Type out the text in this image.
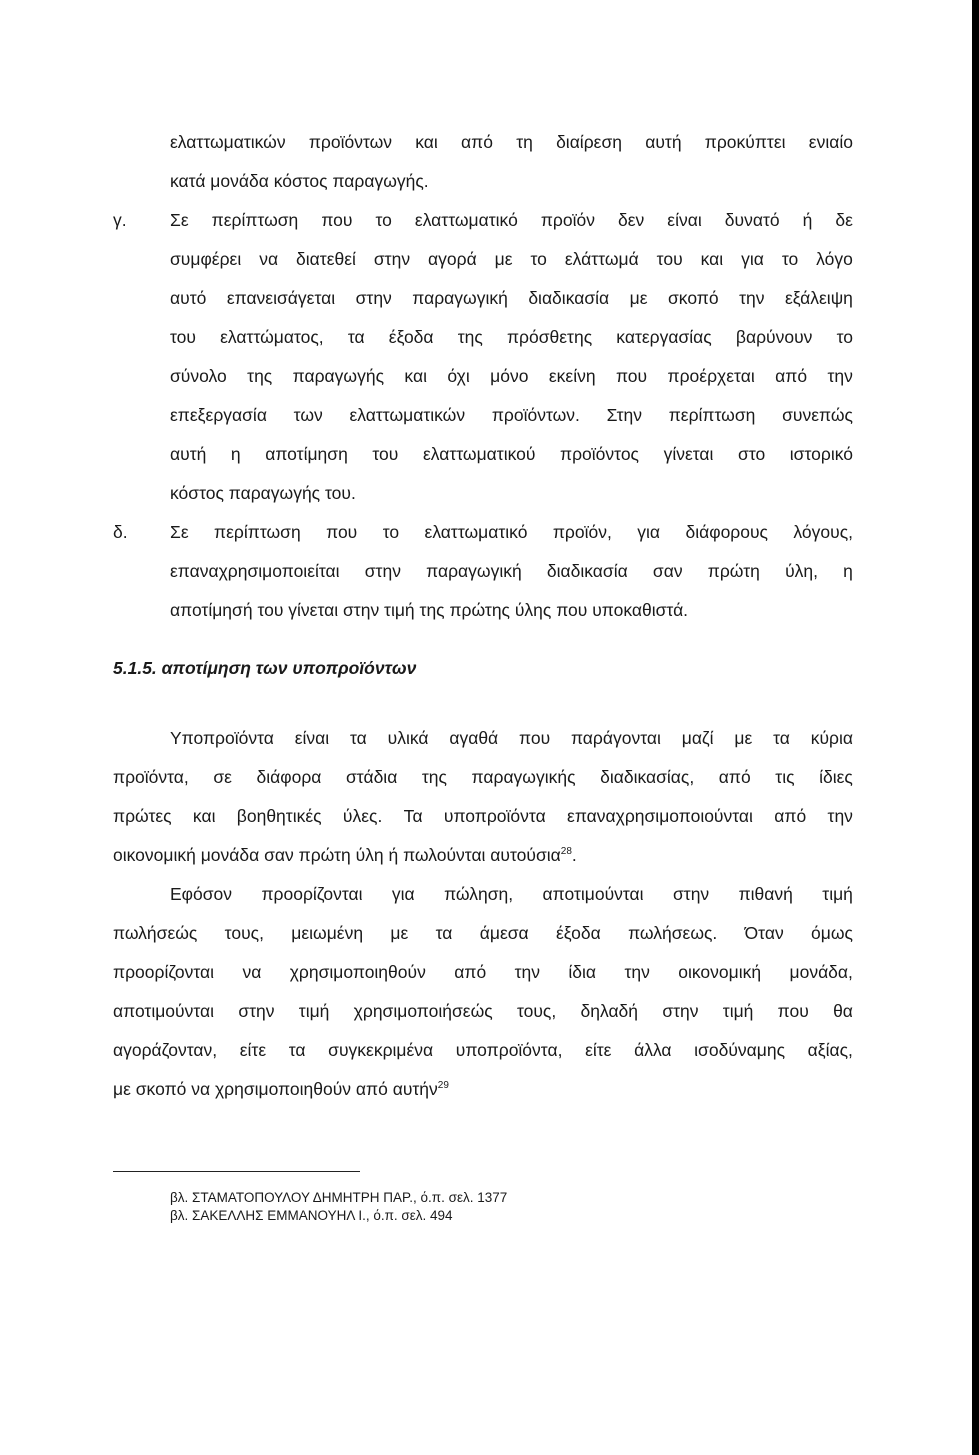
ελαττωματικών προϊόντων και από τη διαίρεση αυτή προκύπτει ενιαίο
κατά μονάδα κόστος παραγωγής.
γ. Σε περίπτωση που το ελαττωματικό προϊόν δεν είναι δυνατό ή δε
συμφέρει να διατεθεί στην αγορά με το ελάττωμά του και για το λόγο
αυτό επανεισάγεται στην παραγωγική διαδικασία με σκοπό την εξάλειψη
του ελαττώματος, τα έξοδα της πρόσθετης κατεργασίας βαρύνουν το
σύνολο της παραγωγής και όχι μόνο εκείνη που προέρχεται από την
επεξεργασία των ελαττωματικών προϊόντων. Στην περίπτωση συνεπώς
αυτή η αποτίμηση του ελαττωματικού προϊόντος γίνεται στο ιστορικό
κόστος παραγωγής του.
δ. Σε περίπτωση που το ελαττωματικό προϊόν, για διάφορους λόγους,
επαναχρησιμοποιείται στην παραγωγική διαδικασία σαν πρώτη ύλη, η
αποτίμησή του γίνεται στην τιμή της πρώτης ύλης που υποκαθιστά.
5.1.5. αποτίμηση των υποπροϊόντων
Υποπροϊόντα είναι τα υλικά αγαθά που παράγονται μαζί με τα κύρια
προϊόντα, σε διάφορα στάδια της παραγωγικής διαδικασίας, από τις ίδιες
πρώτες και βοηθητικές ύλες. Τα υποπροϊόντα επαναχρησιμοποιούνται από την
οικονομική μονάδα σαν πρώτη ύλη ή πωλούνται αυτούσια$^{28}$.
Εφόσον προορίζονται για πώληση, αποτιμούνται στην πιθανή τιμή
πωλήσεώς τους, μειωμένη με τα άμεσα έξοδα πωλήσεως. Όταν όμως
προορίζονται να χρησιμοποιηθούν από την ίδια την οικονομική μονάδα,
αποτιμούνται στην τιμή χρησιμοποιήσεώς τους, δηλαδή στην τιμή που θα
αγοράζονταν, είτε τα συγκεκριμένα υποπροϊόντα, είτε άλλα ισοδύναμης αξίας,
με σκοπό να χρησιμοποιηθούν από αυτήν$^{29}$
βλ. ΣΤΑΜΑΤΟΠΟΥΛΟΥ ΔΗΜΗΤΡΗ ΠΑΡ., ό.π. σελ. 1377
βλ. ΣΑΚΕΛΛΗΣ ΕΜΜΑΝΟΥΗΛ Ι., ό.π. σελ. 494
